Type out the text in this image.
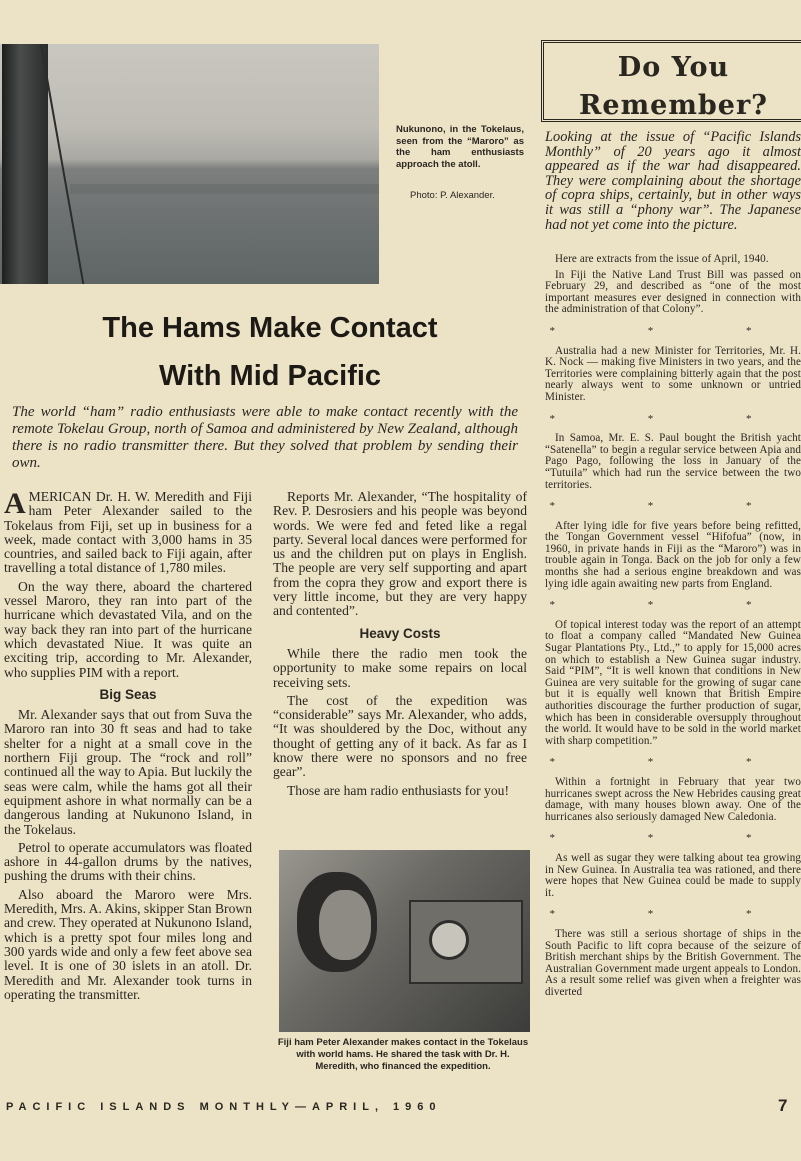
Nukunono, in the Tokelaus, seen from the “Maroro” as the ham enthusiasts approach the atoll.
Photo: P. Alexander.
The Hams Make Contact
With Mid Pacific
The world “ham” radio enthusiasts were able to make contact recently with the remote Tokelau Group, north of Samoa and administered by New Zealand, although there is no radio transmitter there. But they solved that problem by sending their own.

AMERICAN Dr. H. W. Meredith and Fiji ham Peter Alexander sailed to the Tokelaus from Fiji, set up in business for a week, made contact with 3,000 hams in 35 countries, and sailed back to Fiji again, after travelling a total distance of 1,780 miles.

On the way there, aboard the chartered vessel Maroro, they ran into part of the hurricane which devastated Vila, and on the way back they ran into part of the hurricane which devastated Niue. It was quite an exciting trip, according to Mr. Alexander, who supplies PIM with a report.

Big Seas

Mr. Alexander says that out from Suva the Maroro ran into 30 ft seas and had to take shelter for a night at a small cove in the northern Fiji group. The “rock and roll” continued all the way to Apia. But luckily the seas were calm, while the hams got all their equipment ashore in what normally can be a dangerous landing at Nukunono Island, in the Tokelaus.

Petrol to operate accumulators was floated ashore in 44-gallon drums by the natives, pushing the drums with their chins.

Also aboard the Maroro were Mrs. Meredith, Mrs. A. Akins, skipper Stan Brown and crew. They operated at Nukunono Island, which is a pretty spot four miles long and 300 yards wide and only a few feet above sea level. It is one of 30 islets in an atoll. Dr. Meredith and Mr. Alexander took turns in operating the transmitter.

Reports Mr. Alexander, “The hospitality of Rev. P. Desrosiers and his people was beyond words. We were fed and feted like a regal party. Several local dances were performed for us and the children put on plays in English. The people are very self supporting and apart from the copra they grow and export there is very little income, but they are very happy and contented”.

Heavy Costs

While there the radio men took the opportunity to make some repairs on local receiving sets.

The cost of the expedition was “considerable” says Mr. Alexander, who adds, “It was shouldered by the Doc, without any thought of getting any of it back. As far as I know there were no sponsors and no free gear”.

Those are ham radio enthusiasts for you!

Fiji ham Peter Alexander makes contact in the Tokelaus with world hams. He shared the task with Dr. H. Meredith, who financed the expedition.
Do You
Remember?
Looking at the issue of “Pacific Islands Monthly” of 20 years ago it almost appeared as if the war had disappeared. They were complaining about the shortage of copra ships, certainly, but in other ways it was still a “phony war”. The Japanese had not yet come into the picture.

Here are extracts from the issue of April, 1940.

In Fiji the Native Land Trust Bill was passed on February 29, and described as “one of the most important measures ever designed in connection with the administration of that Colony”.

* * *

Australia had a new Minister for Territories, Mr. H. K. Nock — making five Ministers in two years, and the Territories were complaining bitterly again that the post nearly always went to some unknown or untried Minister.

* * *

In Samoa, Mr. E. S. Paul bought the British yacht “Satenella” to begin a regular service between Apia and Pago Pago, following the loss in January of the “Tutuila” which had run the service between the two territories.

* * *

After lying idle for five years before being refitted, the Tongan Government vessel “Hifofua” (now, in 1960, in private hands in Fiji as the “Maroro”) was in trouble again in Tonga. Back on the job for only a few months she had a serious engine breakdown and was lying idle again awaiting new parts from England.

* * *

Of topical interest today was the report of an attempt to float a company called “Mandated New Guinea Sugar Plantations Pty., Ltd.,” to apply for 15,000 acres on which to establish a New Guinea sugar industry. Said “PIM”, “It is well known that conditions in New Guinea are very suitable for the growing of sugar cane but it is equally well known that British Empire authorities discourage the further production of sugar, which has been in considerable oversupply throughout the world. It would have to be sold in the world market with sharp competition.”

* * *

Within a fortnight in February that year two hurricanes swept across the New Hebrides causing great damage, with many houses blown away. One of the hurricanes also seriously damaged New Caledonia.

* * *

As well as sugar they were talking about tea growing in New Guinea. In Australia tea was rationed, and there were hopes that New Guinea could be made to supply it.

* * *

There was still a serious shortage of ships in the South Pacific to lift copra because of the seizure of British merchant ships by the British Government. The Australian Government made urgent appeals to London. As a result some relief was given when a freighter was diverted

PACIFIC ISLANDS MONTHLY—APRIL, 1960	7
